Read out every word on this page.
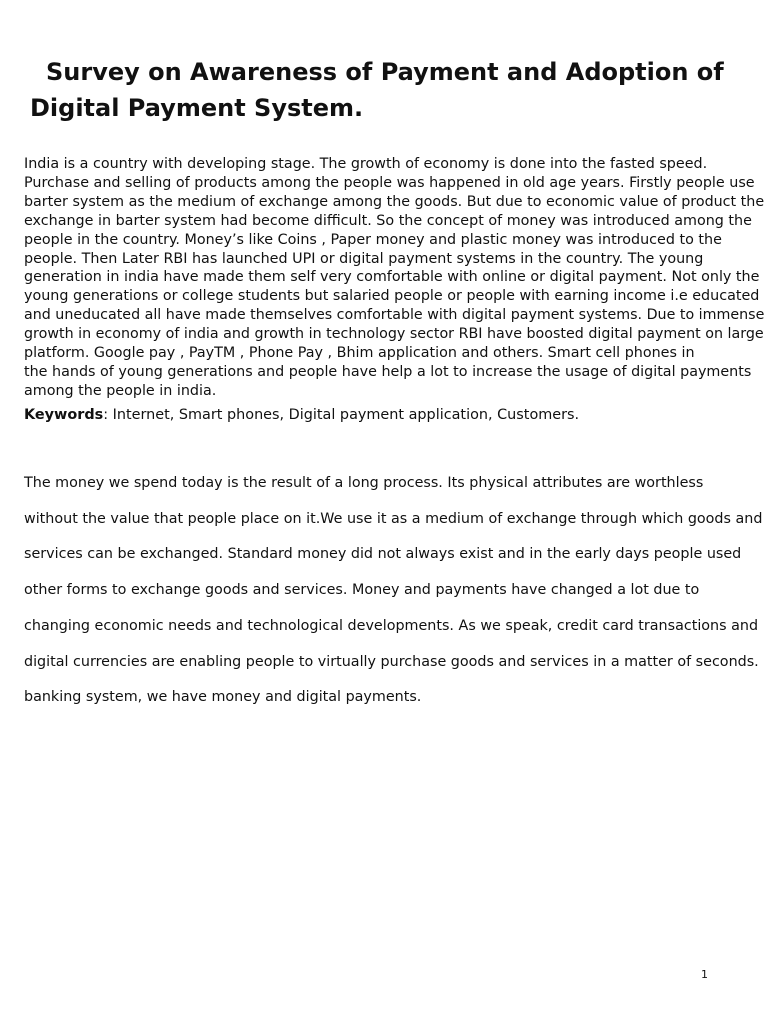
Survey on Awareness of Payment and Adoption of
Digital Payment System.

India is a country with developing stage. The growth of economy is done into the fasted speed.
Purchase and selling of products among the people was happened in old age years. Firstly people use
barter system as the medium of exchange among the goods. But due to economic value of product the
exchange in barter system had become difficult. So the concept of money was introduced among the
people in the country. Money’s like Coins , Paper money and plastic money was introduced to the
people. Then Later RBI has launched UPI or digital payment systems in the country. The young
generation in india have made them self very comfortable with online or digital payment. Not only the
young generations or college students but salaried people or people with earning income i.e educated
and uneducated all have made themselves comfortable with digital payment systems. Due to immense
growth in economy of india and growth in technology sector RBI have boosted digital payment on large
platform. Google pay , PayTM , Phone Pay , Bhim application and others. Smart cell phones in
the hands of young generations and people have help a lot to increase the usage of digital payments
among the people in india.

Keywords: Internet, Smart phones, Digital payment application, Customers.

The money we spend today is the result of a long process. Its physical attributes are worthless
without the value that people place on it.We use it as a medium of exchange through which goods and
services can be exchanged. Standard money did not always exist and in the early days people used
other forms to exchange goods and services. Money and payments have changed a lot due to
changing economic needs and technological developments. As we speak, credit card transactions and
digital currencies are enabling people to virtually purchase goods and services in a matter of seconds.
banking system, we have money and digital payments.

1
